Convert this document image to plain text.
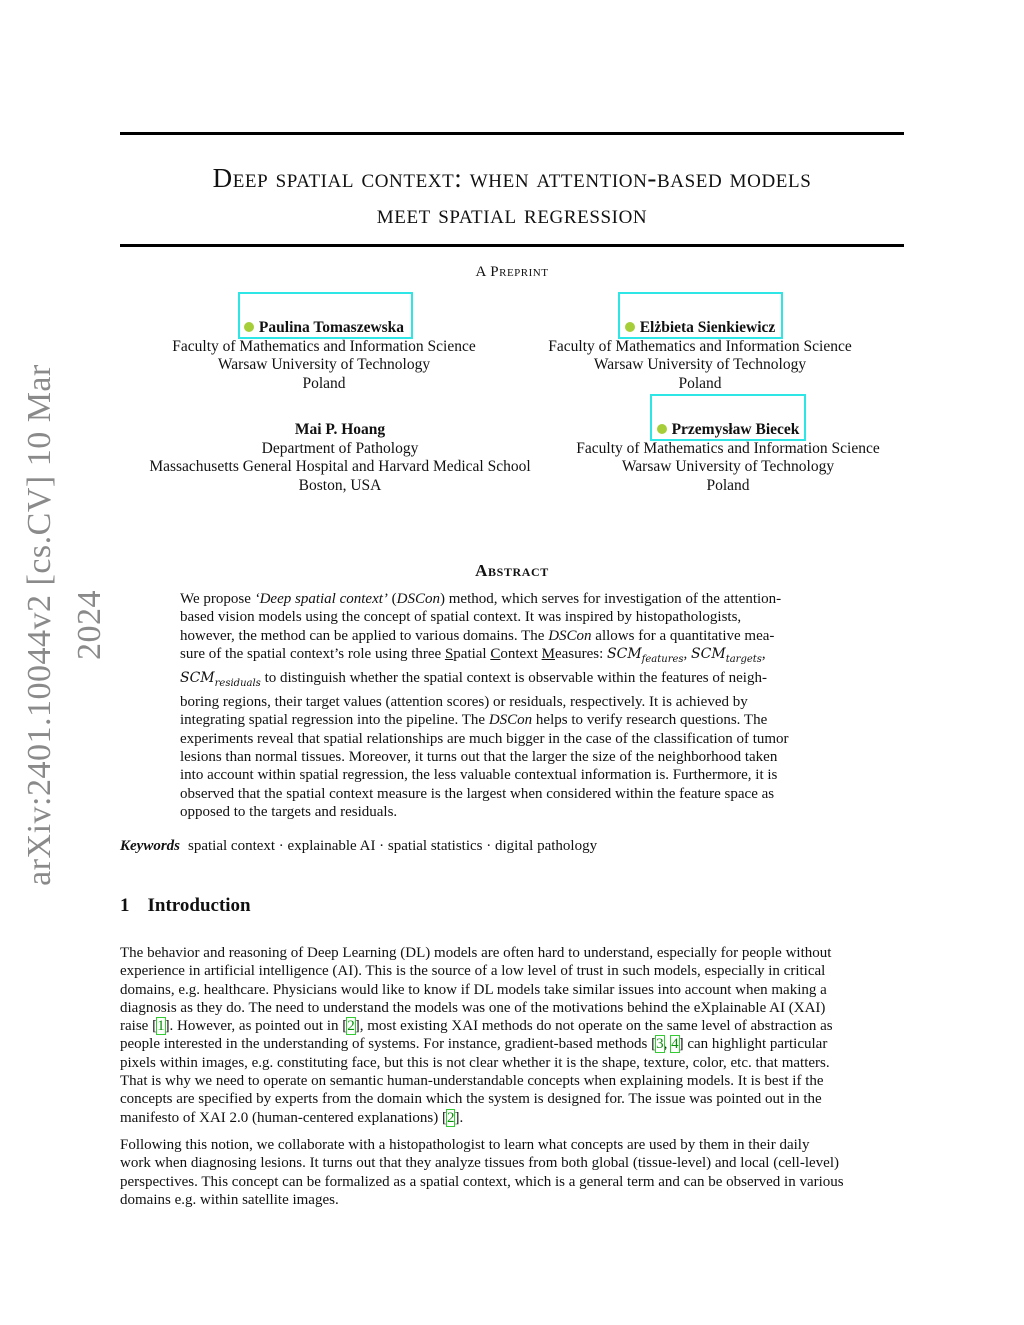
arXiv:2401.10044v2 [cs.CV] 10 Mar 2024
Deep spatial context: when attention-based models
meet spatial regression
A Preprint
Paulina Tomaszewska
Faculty of Mathematics and Information Science
Warsaw University of Technology
Poland
Elżbieta Sienkiewicz
Faculty of Mathematics and Information Science
Warsaw University of Technology
Poland
Mai P. Hoang
Department of Pathology
Massachusetts General Hospital and Harvard Medical School
Boston, USA
Przemysław Biecek
Faculty of Mathematics and Information Science
Warsaw University of Technology
Poland
Abstract
We propose ‘Deep spatial context’ (DSCon) method, which serves for investigation of the attention-
based vision models using the concept of spatial context. It was inspired by histopathologists,
however, the method can be applied to various domains. The DSCon allows for a quantitative mea-
sure of the spatial context’s role using three Spatial Context Measures: $SCM_{features}$, $SCM_{targets}$,
$SCM_{residuals}$ to distinguish whether the spatial context is observable within the features of neigh-
boring regions, their target values (attention scores) or residuals, respectively. It is achieved by
integrating spatial regression into the pipeline. The DSCon helps to verify research questions. The
experiments reveal that spatial relationships are much bigger in the case of the classification of tumor
lesions than normal tissues. Moreover, it turns out that the larger the size of the neighborhood taken
into account within spatial regression, the less valuable contextual information is. Furthermore, it is
observed that the spatial context measure is the largest when considered within the feature space as
opposed to the targets and residuals.
Keywords spatial context · explainable AI · spatial statistics · digital pathology
1 Introduction
The behavior and reasoning of Deep Learning (DL) models are often hard to understand, especially for people without
experience in artificial intelligence (AI). This is the source of a low level of trust in such models, especially in critical
domains, e.g. healthcare. Physicians would like to know if DL models take similar issues into account when making a
diagnosis as they do. The need to understand the models was one of the motivations behind the eXplainable AI (XAI)
raise [1]. However, as pointed out in [2], most existing XAI methods do not operate on the same level of abstraction as
people interested in the understanding of systems. For instance, gradient-based methods [3, 4] can highlight particular
pixels within images, e.g. constituting face, but this is not clear whether it is the shape, texture, color, etc. that matters.
That is why we need to operate on semantic human-understandable concepts when explaining models. It is best if the
concepts are specified by experts from the domain which the system is designed for. The issue was pointed out in the
manifesto of XAI 2.0 (human-centered explanations) [2].
Following this notion, we collaborate with a histopathologist to learn what concepts are used by them in their daily
work when diagnosing lesions. It turns out that they analyze tissues from both global (tissue-level) and local (cell-level)
perspectives. This concept can be formalized as a spatial context, which is a general term and can be observed in various
domains e.g. within satellite images.
